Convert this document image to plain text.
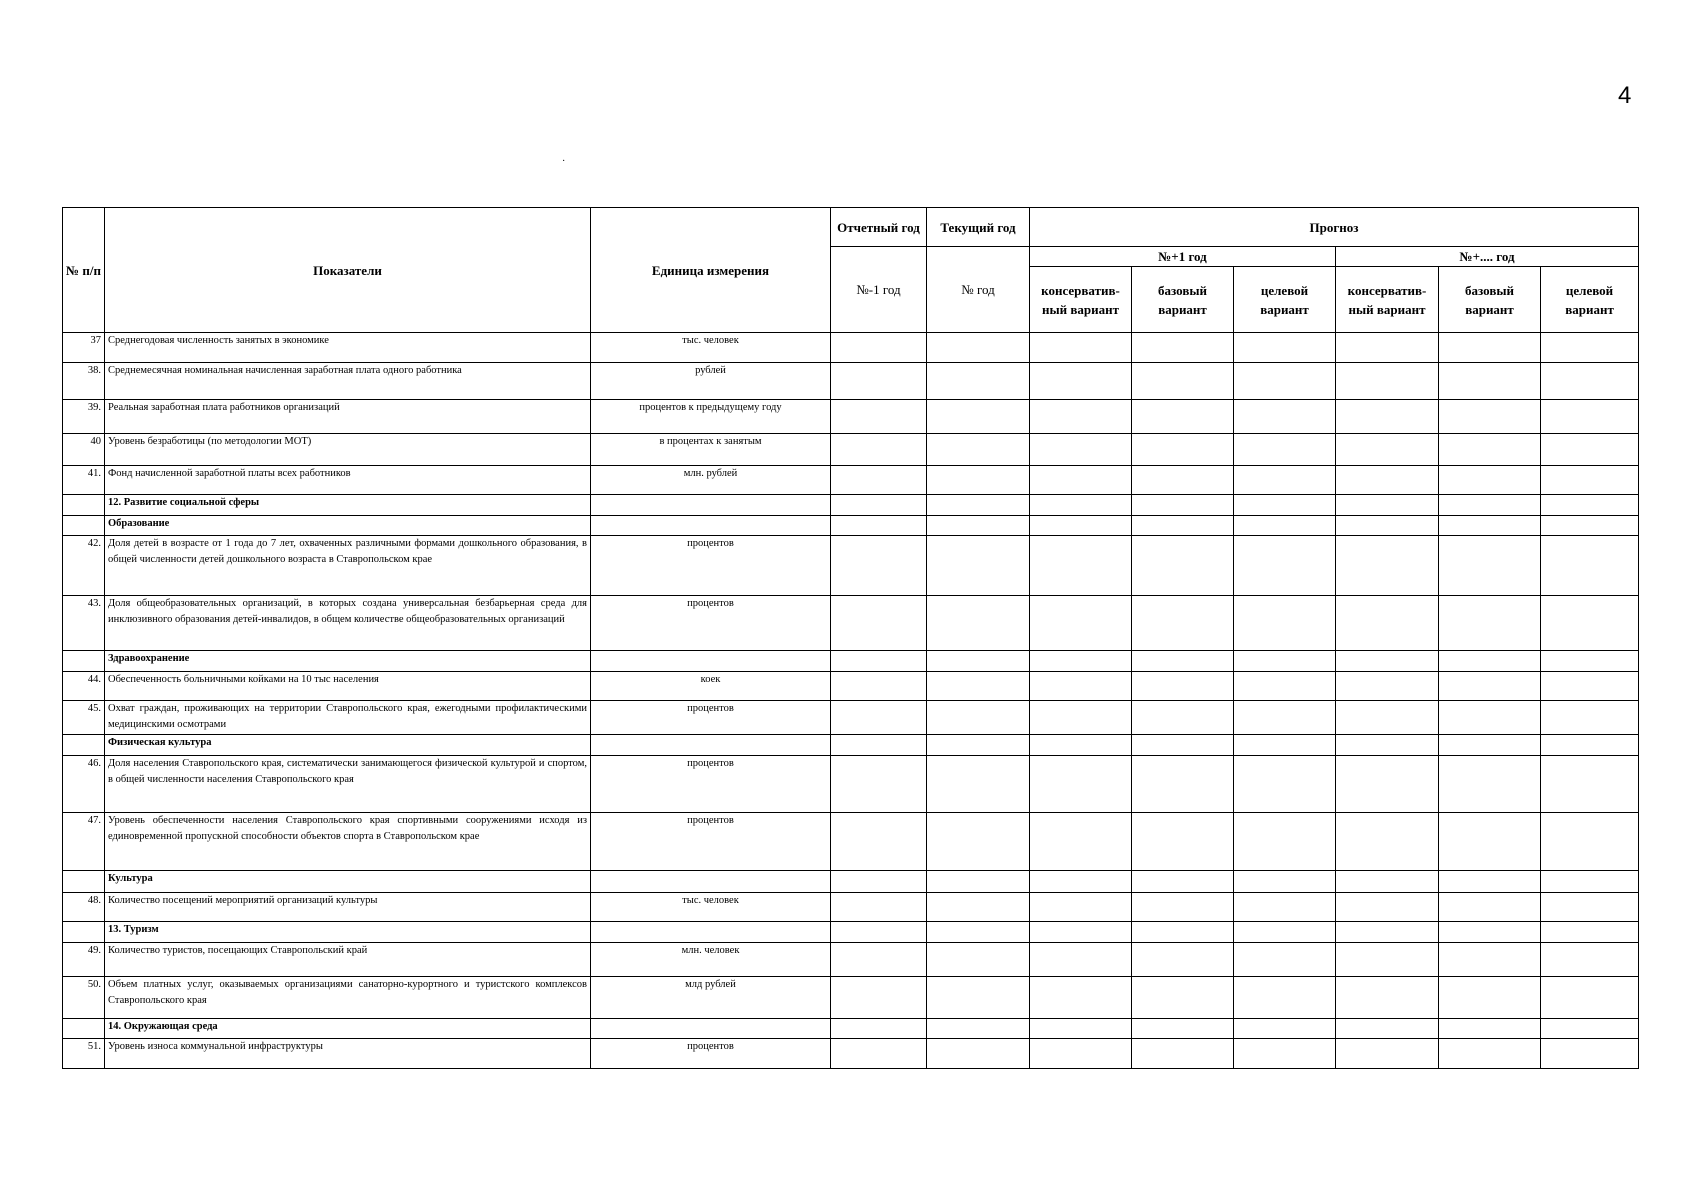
4
·
№ п/п	Показатели	Единица измерения	Отчетный год	Текущий год	Прогноз					
			№-1 год	№ год	№+1 год			№+.... год		
					консерватив-ный вариант	базовый вариант	целевой вариант	консерватив-ный вариант	базовый вариант	целевой вариант
37	Среднегодовая численность занятых в экономике	тыс. человек								
38.	Среднемесячная номинальная начисленная заработная плата одного работника	рублей								
39.	Реальная заработная плата работников организаций	процентов к предыдущему году								
40	Уровень безработицы (по методологии МОТ)	в процентах к занятым								
41.	Фонд начисленной заработной платы всех работников	млн. рублей								
	12. Развитие социальной сферы									
	Образование									
42.	Доля детей в возрасте от 1 года до 7 лет, охваченных различными формами дошкольного образования, в общей численности детей дошкольного возраста в Ставропольском крае	процентов								
43.	Доля общеобразовательных организаций, в которых создана универсальная безбарьерная среда для инклюзивного образования детей-инвалидов, в общем количестве общеобразовательных организаций	процентов								
	Здравоохранение									
44.	Обеспеченность больничными койками на 10 тыс населения	коек								
45.	Охват граждан, проживающих на территории Ставропольского края, ежегодными профилактическими медицинскими осмотрами	процентов								
	Физическая культура									
46.	Доля населения Ставропольского края, систематически занимающегося физической культурой и спортом, в общей численности населения Ставропольского края	процентов								
47.	Уровень обеспеченности населения Ставропольского края спортивными сооружениями исходя из единовременной пропускной способности объектов спорта в Ставропольском крае	процентов								
	Культура									
48.	Количество посещений мероприятий организаций культуры	тыс. человек								
	13. Туризм									
49.	Количество туристов, посещающих Ставропольский край	млн. человек								
50.	Объем платных услуг, оказываемых организациями санаторно-курортного и туристского комплексов Ставропольского края	млд рублей								
	14. Окружающая среда									
51.	Уровень износа коммунальной инфраструктуры	процентов								
